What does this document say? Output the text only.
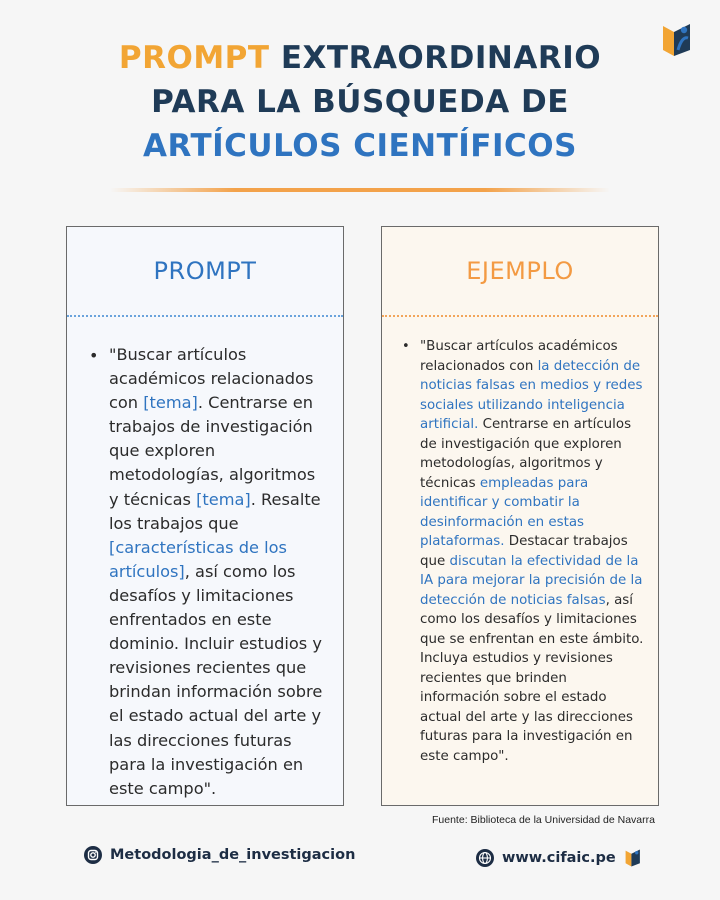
PROMPT EXTRAORDINARIO
PARA LA BÚSQUEDA DE
ARTÍCULOS CIENTÍFICOS
PROMPT
• "Buscar artículos académicos relacionados con [tema]. Centrarse en trabajos de investigación que exploren metodologías, algoritmos y técnicas [tema]. Resalte los trabajos que [características de los artículos], así como los desafíos y limitaciones enfrentados en este dominio. Incluir estudios y revisiones recientes que brindan información sobre el estado actual del arte y las direcciones futuras para la investigación en este campo".
EJEMPLO
• "Buscar artículos académicos relacionados con la detección de noticias falsas en medios y redes sociales utilizando inteligencia artificial. Centrarse en artículos de investigación que exploren metodologías, algoritmos y técnicas empleadas para identificar y combatir la desinformación en estas plataformas. Destacar trabajos que discutan la efectividad de la IA para mejorar la precisión de la detección de noticias falsas, así como los desafíos y limitaciones que se enfrentan en este ámbito. Incluya estudios y revisiones recientes que brinden información sobre el estado actual del arte y las direcciones futuras para la investigación en este campo".
Fuente: Biblioteca de la Universidad de Navarra
Metodologia_de_investigacion	www.cifaic.pe
